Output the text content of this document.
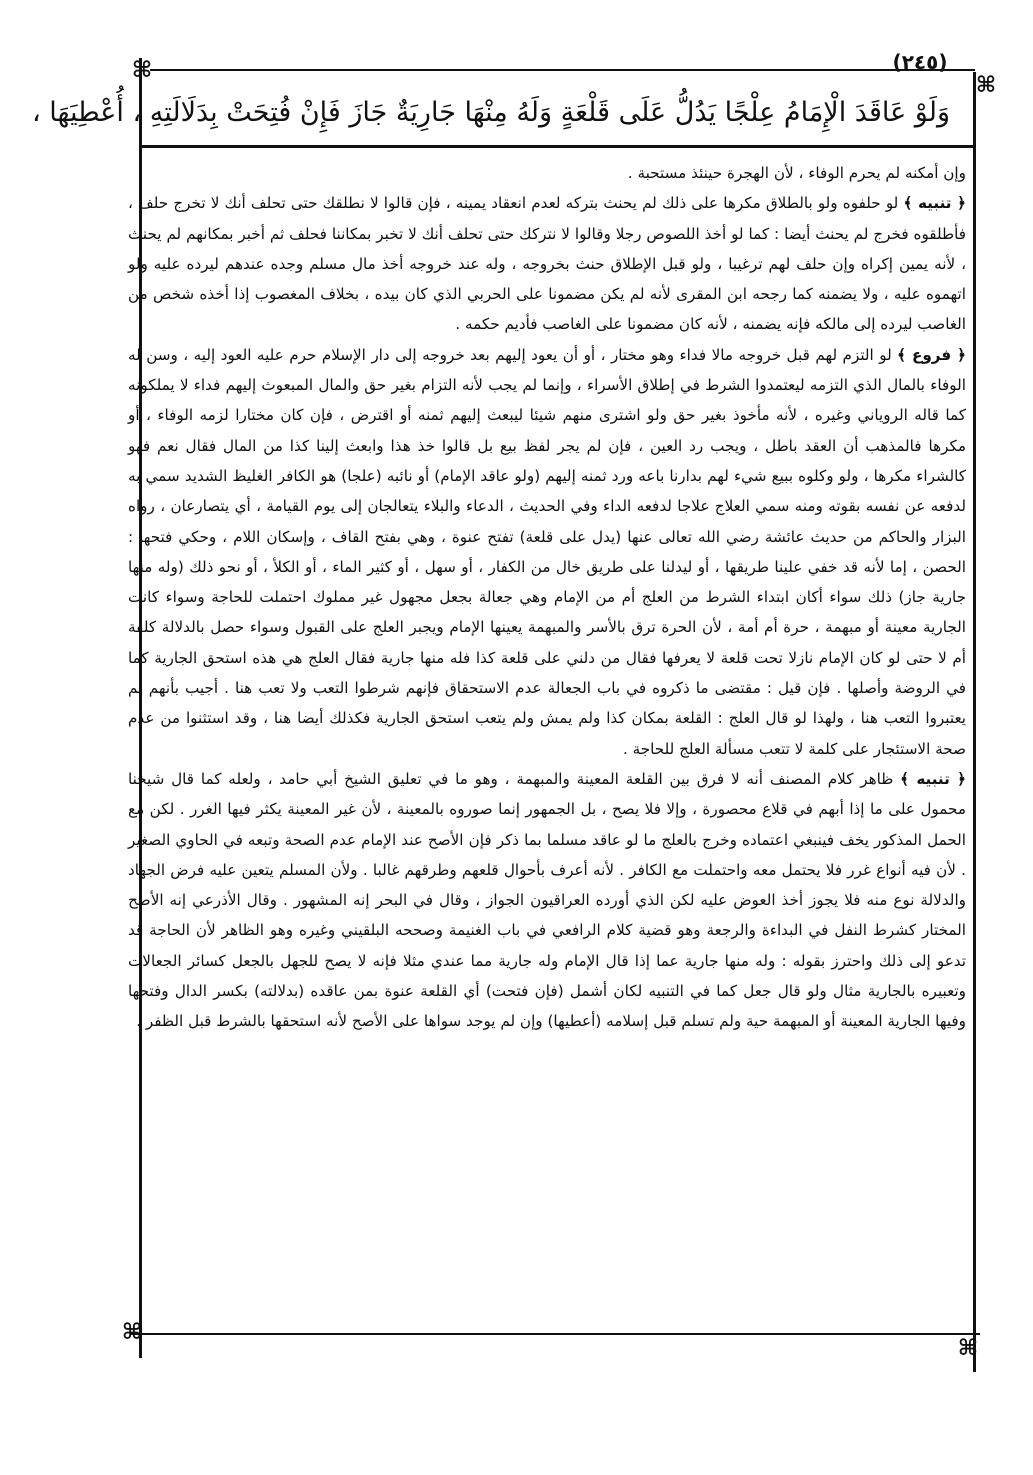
⌘
⌘
⌘
⌘
(٢٤٥)
وَلَوْ عَاقَدَ الْإِمَامُ عِلْجًا يَدُلُّ عَلَى قَلْعَةٍ وَلَهُ مِنْهَا جَارِيَةٌ جَازَ فَإِنْ فُتِحَتْ بِدَلَالَتِهِ ، أُعْطِيَهَا ،

وإن أمكنه لم يحرم الوفاء ، لأن الهجرة حينئذ مستحبة .

﴿ تنبيه ﴾ لو حلفوه ولو بالطلاق مكرها على ذلك لم يحنث بتركه لعدم انعقاد يمينه ، فإن قالوا لا نطلقك حتى تحلف أنك لا تخرج حلف ، فأطلقوه فخرج لم يحنث أيضا : كما لو أخذ اللصوص رجلا وقالوا لا نتركك حتى تحلف أنك لا تخبر بمكاننا فحلف ثم أخبر بمكانهم لم يحنث ، لأنه يمين إكراه وإن حلف لهم ترغيبا ، ولو قبل الإطلاق حنث بخروجه ، وله عند خروجه أخذ مال مسلم وجده عندهم ليرده عليه ولو اتهموه عليه ، ولا يضمنه كما رجحه ابن المقرى لأنه لم يكن مضمونا على الحربي الذي كان بيده ، بخلاف المغصوب إذا أخذه شخص من الغاصب ليرده إلى مالكه فإنه يضمنه ، لأنه كان مضمونا على الغاصب فأديم حكمه .

﴿ فروع ﴾ لو التزم لهم قبل خروجه مالا فداء وهو مختار ، أو أن يعود إليهم بعد خروجه إلى دار الإسلام حرم عليه العود إليه ، وسن له الوفاء بالمال الذي التزمه ليعتمدوا الشرط في إطلاق الأسراء ، وإنما لم يجب لأنه التزام بغير حق والمال المبعوث إليهم فداء لا يملكونه كما قاله الروياني وغيره ، لأنه مأخوذ بغير حق ولو اشترى منهم شيئا ليبعث إليهم ثمنه أو اقترض ، فإن كان مختارا لزمه الوفاء ، أو مكرها فالمذهب أن العقد باطل ، ويجب رد العين ، فإن لم يجر لفظ بيع بل قالوا خذ هذا وابعث إلينا كذا من المال فقال نعم فهو كالشراء مكرها ، ولو وكلوه ببيع شيء لهم بدارنا باعه ورد ثمنه إليهم (ولو عاقد الإمام) أو نائبه (علجا) هو الكافر الغليظ الشديد سمي به لدفعه عن نفسه بقوته ومنه سمي العلاج علاجا لدفعه الداء وفي الحديث ، الدعاء والبلاء يتعالجان إلى يوم القيامة ، أي يتصارعان ، رواه البزار والحاكم من حديث عائشة رضي الله تعالى عنها (يدل على قلعة) تفتح عنوة ، وهي بفتح القاف ، وإسكان اللام ، وحكي فتحها : الحصن ، إما لأنه قد خفي علينا طريقها ، أو ليدلنا على طريق خال من الكفار ، أو سهل ، أو كثير الماء ، أو الكلأ ، أو نحو ذلك (وله منها جارية جاز) ذلك سواء أكان ابتداء الشرط من العلج أم من الإمام وهي جعالة بجعل مجهول غير مملوك احتملت للحاجة وسواء كانت الجارية معينة أو مبهمة ، حرة أم أمة ، لأن الحرة ترق بالأسر والمبهمة يعينها الإمام ويجبر العلج على القبول وسواء حصل بالدلالة كلفة أم لا حتى لو كان الإمام نازلا تحت قلعة لا يعرفها فقال من دلني على قلعة كذا فله منها جارية فقال العلج هي هذه استحق الجارية كما في الروضة وأصلها . فإن قيل : مقتضى ما ذكروه في باب الجعالة عدم الاستحقاق فإنهم شرطوا التعب ولا تعب هنا . أجيب بأنهم لم يعتبروا التعب هنا ، ولهذا لو قال العلج : القلعة بمكان كذا ولم يمش ولم يتعب استحق الجارية فكذلك أيضا هنا ، وقد استثنوا من عدم صحة الاستئجار على كلمة لا تتعب مسألة العلج للحاجة .

﴿ تنبيه ﴾ ظاهر كلام المصنف أنه لا فرق بين القلعة المعينة والمبهمة ، وهو ما في تعليق الشيخ أبي حامد ، ولعله كما قال شيخنا محمول على ما إذا أبهم في قلاع محصورة ، وإلا فلا يصح ، بل الجمهور إنما صوروه بالمعينة ، لأن غير المعينة يكثر فيها الغرر . لكن مع الحمل المذكور يخف فينبغي اعتماده وخرج بالعلج ما لو عاقد مسلما بما ذكر فإن الأصح عند الإمام عدم الصحة وتبعه في الحاوي الصغير . لأن فيه أنواع غرر فلا يحتمل معه واحتملت مع الكافر . لأنه أعرف بأحوال قلعهم وطرقهم غالبا . ولأن المسلم يتعين عليه فرض الجهاد والدلالة نوع منه فلا يجوز أخذ العوض عليه لكن الذي أورده العراقيون الجواز ، وقال في البحر إنه المشهور . وقال الأذرعي إنه الأصح المختار كشرط النفل في البداءة والرجعة وهو قضية كلام الرافعي في باب الغنيمة وصححه البلقيني وغيره وهو الظاهر لأن الحاجة قد تدعو إلى ذلك واحترز بقوله : وله منها جارية عما إذا قال الإمام وله جارية مما عندي مثلا فإنه لا يصح للجهل بالجعل كسائر الجعالات وتعبيره بالجارية مثال ولو قال جعل كما في التنبيه لكان أشمل (فإن فتحت) أي القلعة عنوة بمن عاقده (بدلالته) بكسر الدال وفتحها وفيها الجارية المعينة أو المبهمة حية ولم تسلم قبل إسلامه (أعطيها) وإن لم يوجد سواها على الأصح لأنه استحقها بالشرط قبل الظفر .
